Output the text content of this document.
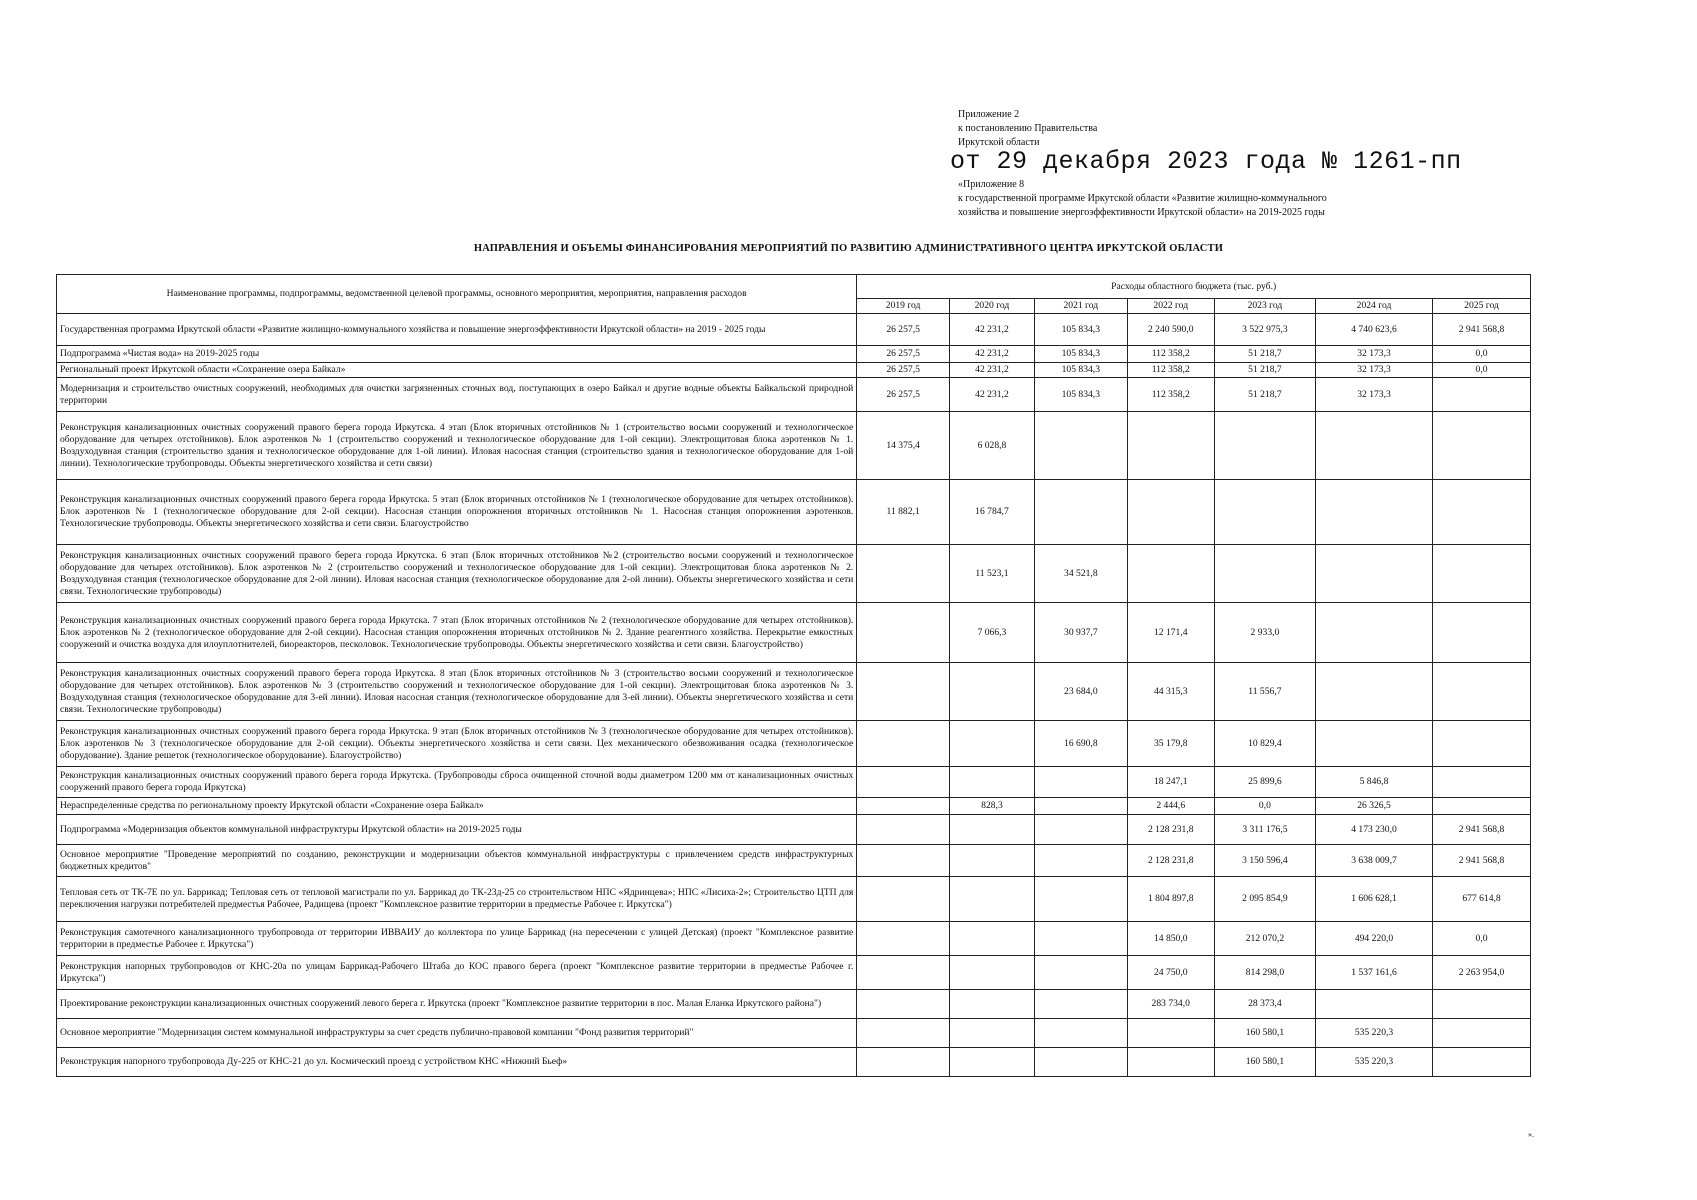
Приложение 2
к постановлению Правительства
Иркутской области
от 29 декабря 2023 года № 1261-пп
«Приложение 8
к государственной программе Иркутской области «Развитие жилищно-коммунального
хозяйства и повышение энергоэффективности Иркутской области» на 2019-2025 годы
НАПРАВЛЕНИЯ И ОБЪЕМЫ ФИНАНСИРОВАНИЯ МЕРОПРИЯТИЙ ПО РАЗВИТИЮ АДМИНИСТРАТИВНОГО ЦЕНТРА ИРКУТСКОЙ ОБЛАСТИ
Наименование программы, подпрограммы, ведомственной целевой программы, основного мероприятия, мероприятия, направления расходов	Расходы областного бюджета (тыс. руб.)						
	2019 год	2020 год	2021 год	2022 год	2023 год	2024 год	2025 год
Государственная программа Иркутской области «Развитие жилищно-коммунального хозяйства и повышение энергоэффективности Иркутской области» на 2019 - 2025 годы	26 257,5	42 231,2	105 834,3	2 240 590,0	3 522 975,3	4 740 623,6	2 941 568,8
Подпрограмма «Чистая вода» на 2019-2025 годы	26 257,5	42 231,2	105 834,3	112 358,2	51 218,7	32 173,3	0,0
Региональный проект Иркутской области «Сохранение озера Байкал»	26 257,5	42 231,2	105 834,3	112 358,2	51 218,7	32 173,3	0,0
Модернизация и строительство очистных сооружений, необходимых для очистки загрязненных сточных вод, поступающих в озеро Байкал и другие водные объекты Байкальской природной территории	26 257,5	42 231,2	105 834,3	112 358,2	51 218,7	32 173,3	
Реконструкция канализационных очистных сооружений правого берега города Иркутска. 4 этап (Блок вторичных отстойников № 1 (строительство восьми сооружений и технологическое оборудование для четырех отстойников). Блок аэротенков № 1 (строительство сооружений и технологическое оборудование для 1-ой секции). Электрощитовая блока аэротенков № 1. Воздуходувная станция (строительство здания и технологическое оборудование для 1-ой линии). Иловая насосная станция (строительство здания и технологическое оборудование для 1-ой линии). Технологические трубопроводы. Объекты энергетического хозяйства и сети связи)	14 375,4	6 028,8					
Реконструкция канализационных очистных сооружений правого берега города Иркутска. 5 этап (Блок вторичных отстойников № 1 (технологическое оборудование для четырех отстойников). Блок аэротенков № 1 (технологическое оборудование для 2-ой секции). Насосная станция опорожнения вторичных отстойников № 1. Насосная станция опорожнения аэротенков. Технологические трубопроводы. Объекты энергетического хозяйства и сети связи. Благоустройство	11 882,1	16 784,7					
Реконструкция канализационных очистных сооружений правого берега города Иркутска. 6 этап (Блок вторичных отстойников №2 (строительство восьми сооружений и технологическое оборудование для четырех отстойников). Блок аэротенков № 2 (строительство сооружений и технологическое оборудование для 1-ой секции). Электрощитовая блока аэротенков № 2. Воздуходувная станция (технологическое оборудование для 2-ой линии). Иловая насосная станция (технологическое оборудование для 2-ой линии). Объекты энергетического хозяйства и сети связи. Технологические трубопроводы)		11 523,1	34 521,8				
Реконструкция канализационных очистных сооружений правого берега города Иркутска. 7 этап (Блок вторичных отстойников № 2 (технологическое оборудование для четырех отстойников). Блок аэротенков № 2 (технологическое оборудование для 2-ой секции). Насосная станция опорожнения вторичных отстойников № 2. Здание реагентного хозяйства. Перекрытие емкостных сооружений и очистка воздуха для илоуплотнителей, биореакторов, песколовок. Технологические трубопроводы. Объекты энергетического хозяйства и сети связи. Благоустройство)		7 066,3	30 937,7	12 171,4	2 933,0		
Реконструкция канализационных очистных сооружений правого берега города Иркутска. 8 этап (Блок вторичных отстойников № 3 (строительство восьми сооружений и технологическое оборудование для четырех отстойников). Блок аэротенков № 3 (строительство сооружений и технологическое оборудование для 1-ой секции). Электрощитовая блока аэротенков № 3. Воздуходувная станция (технологическое оборудование для 3-ей линии). Иловая насосная станция (технологическое оборудование для 3-ей линии). Объекты энергетического хозяйства и сети связи. Технологические трубопроводы)			23 684,0	44 315,3	11 556,7		
Реконструкция канализационных очистных сооружений правого берега города Иркутска. 9 этап (Блок вторичных отстойников № 3 (технологическое оборудование для четырех отстойников). Блок аэротенков № 3 (технологическое оборудование для 2-ой секции). Объекты энергетического хозяйства и сети связи. Цех механического обезвоживания осадка (технологическое оборудование). Здание решеток (технологическое оборудование). Благоустройство)			16 690,8	35 179,8	10 829,4		
Реконструкция канализационных очистных сооружений правого берега города Иркутска. (Трубопроводы сброса очищенной сточной воды диаметром 1200 мм от канализационных очистных сооружений правого берега города Иркутска)				18 247,1	25 899,6	5 846,8	
Нераспределенные средства по региональному проекту Иркутской области «Сохранение озера Байкал»		828,3		2 444,6	0,0	26 326,5	
Подпрограмма «Модернизация объектов коммунальной инфраструктуры Иркутской области» на 2019-2025 годы				2 128 231,8	3 311 176,5	4 173 230,0	2 941 568,8
Основное мероприятие "Проведение мероприятий по созданию, реконструкции и модернизации объектов коммунальной инфраструктуры с привлечением средств инфраструктурных бюджетных кредитов"				2 128 231,8	3 150 596,4	3 638 009,7	2 941 568,8
Тепловая сеть от ТК-7Е по ул. Баррикад; Тепловая сеть от тепловой магистрали по ул. Баррикад до ТК-23д-25 со строительством НПС «Ядринцева»; НПС «Лисиха-2»; Строительство ЦТП для переключения нагрузки потребителей предместья Рабочее, Радищева (проект "Комплексное развитие территории в предместье Рабочее г. Иркутска")				1 804 897,8	2 095 854,9	1 606 628,1	677 614,8
Реконструкция самотечного канализационного трубопровода от территории ИВВАИУ до коллектора по улице Баррикад (на пересечении с улицей Детская) (проект "Комплексное развитие территории в предместье Рабочее г. Иркутска")				14 850,0	212 070,2	494 220,0	0,0
Реконструкция напорных трубопроводов от КНС-20а по улицам Баррикад-Рабочего Штаба до КОС правого берега (проект "Комплексное развитие территории в предместье Рабочее г. Иркутска")				24 750,0	814 298,0	1 537 161,6	2 263 954,0
Проектирование реконструкции канализационных очистных сооружений левого берега г. Иркутска (проект "Комплексное развитие территории в пос. Малая Еланка Иркутского района")				283 734,0	28 373,4		
Основное мероприятие "Модернизация систем коммунальной инфраструктуры за счет средств публично-правовой компании "Фонд развития территорий"					160 580,1	535 220,3	
Реконструкция напорного трубопровода Ду-225 от КНС-21 до ул. Космический проезд с устройством КНС «Нижний Бьеф»					160 580,1	535 220,3	
».
